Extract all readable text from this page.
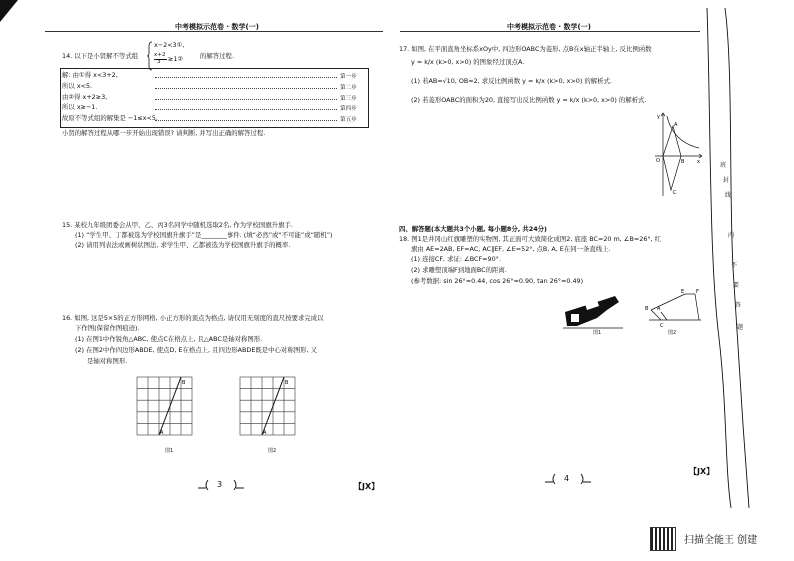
中考模拟示范卷 · 数学(一)
14. 以下是小贤解不等式组
x−2<3①,
x+2
3 ≥1②	的解答过程.
解: 由①得 x<3+2,	第一步
所以 x<5.	第二步
由②得 x+2≥3,	第三步
所以 x≥−1.	第四步
故原不等式组的解集是 −1≤x<5.	第五步
小贤的解答过程从哪一步开始出现错误? 请判断, 并写出正确的解答过程.
15. 某校九年级团委会从甲、乙、丙3名同学中随机选取2名, 作为学校国旗升旗手.
(1) “学生甲、丁都被选为学校国旗升旗手”是________事件. (填“必然”或“不可能”或“随机”)
(2) 请用列表法或画树状图法, 求学生甲、乙都被选为学校国旗升旗手的概率.
16. 如图, 这是5×5的正方形网格, 小正方形的顶点为格点, 请仅用无刻度的直尺按要求完成以
下作图(保留作图痕迹).
(1) 在图1中作锐角△ABC, 使点C在格点上, 且△ABC是轴对称图形.
(2) 在图2中作四边形ABDE, 使点D, E在格点上, 且四边形ABDE既是中心对称图形, 又
是轴对称图形.
A
B
图1
A
B
图2
3	【JX】
中考模拟示范卷 · 数学(一)
17. 如图, 在平面直角坐标系xOy中, 四边形OABC为菱形, 点B在x轴正半轴上, 反比例函数
y = k/x (k>0, x>0) 的图象经过顶点A.
(1) 若AB=√10, OB=2, 求反比例函数 y = k/x (k>0, x>0) 的解析式.
(2) 若菱形OABC的面积为20, 直接写出反比例函数 y = k/x (k>0, x>0) 的解析式.
y
A
O	B	x
C
四、解答题(本大题共3个小题, 每小题8分, 共24分)
18. 图1是井冈山红旗雕塑的实物图, 其正面可大致简化成图2, 底座 BC=20 m, ∠B=26°, 红
旗由 AE=2AB, EF=AC, AC∥EF, ∠E=52°, 点B, A, E在同一条直线上.
(1) 连接CF, 求证: ∠BCF=90°.
(2) 求雕塑顶端F到地面BC的距离.
(参考数据: sin 26°≈0.44, cos 26°≈0.90, tan 26°≈0.49)
图1
E F
A
B
C
图2
4
【JX】
班
封
线
内
不
要
答
题
扫描全能王 创建
